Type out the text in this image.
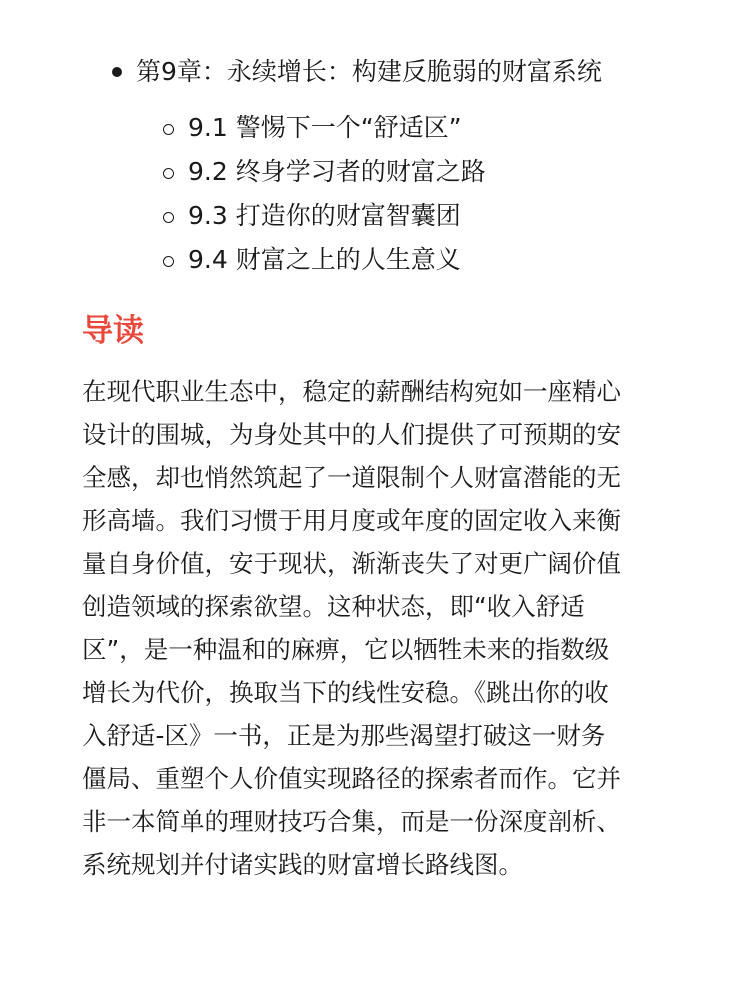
第9章：永续增长：构建反脆弱的财富系统
9.1 警惕下一个“舒适区”
9.2 终身学习者的财富之路
9.3 打造你的财富智囊团
9.4 财富之上的人生意义
导读
在现代职业生态中，稳定的薪酬结构宛如一座精心
设计的围城，为身处其中的人们提供了可预期的安
全感，却也悄然筑起了一道限制个人财富潜能的无
形高墙。我们习惯于用月度或年度的固定收入来衡
量自身价值，安于现状，渐渐丧失了对更广阔价值
创造领域的探索欲望。这种状态，即“收入舒适
区”，是一种温和的麻痹，它以牺牲未来的指数级
增长为代价，换取当下的线性安稳。《跳出你的收
入舒适-区》一书，正是为那些渴望打破这一财务
僵局、重塑个人价值实现路径的探索者而作。它并
非一本简单的理财技巧合集，而是一份深度剖析、
系统规划并付诸实践的财富增长路线图。
